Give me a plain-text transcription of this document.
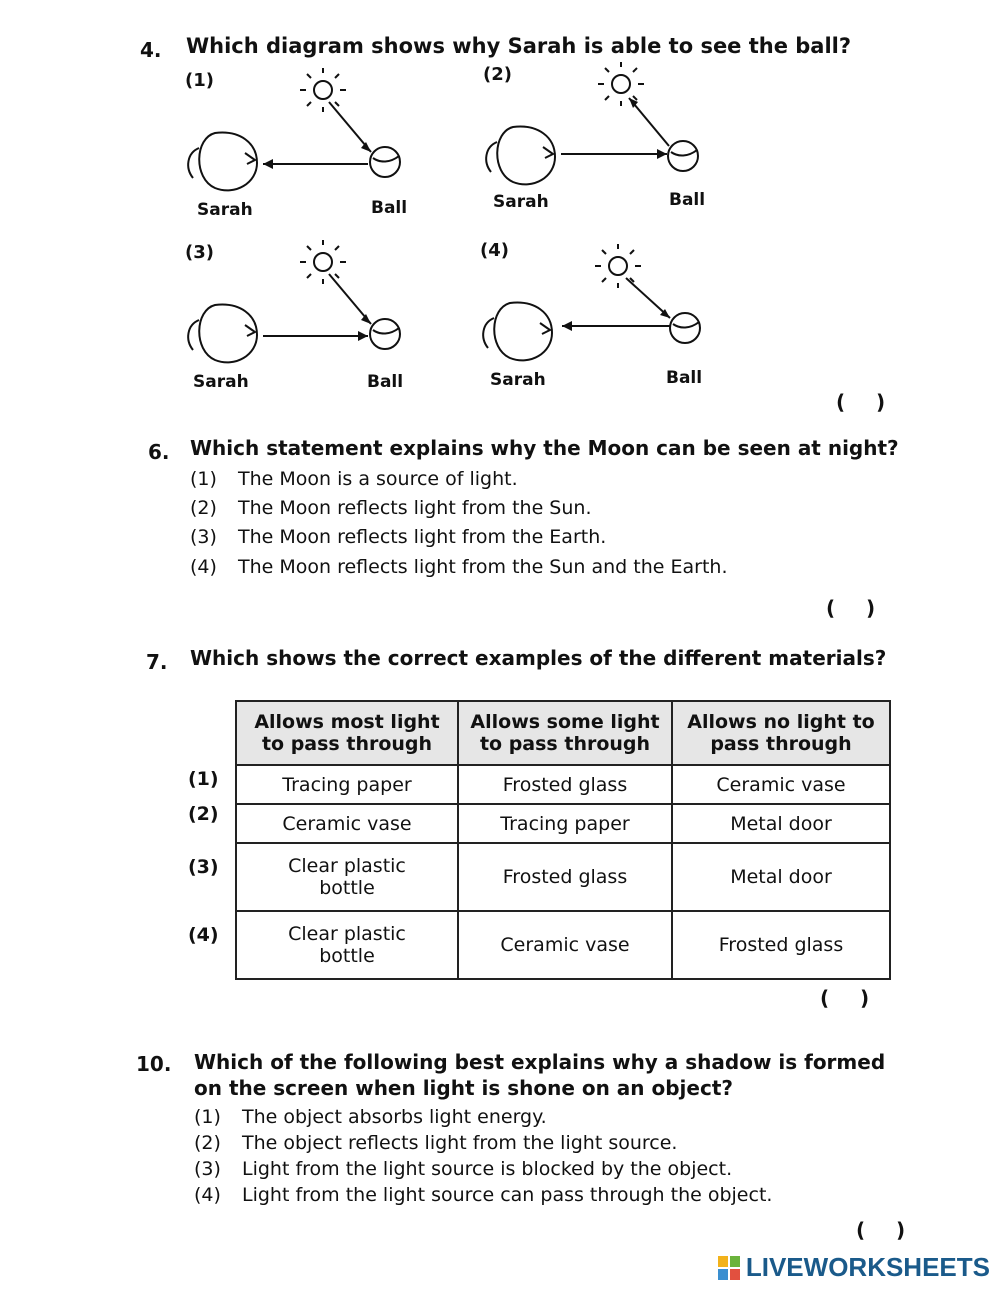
4. Which diagram shows why Sarah is able to see the ball?
(1)
Sarah	Ball
(2)
Sarah	Ball
(3)
Sarah	Ball
(4)
Sarah	Ball
( )
6. Which statement explains why the Moon can be seen at night?
(1) The Moon is a source of light.
(2) The Moon reflects light from the Sun.
(3) The Moon reflects light from the Earth.
(4) The Moon reflects light from the Sun and the Earth.
( )
7. Which shows the correct examples of the different materials?
Allows most light to pass through	Allows some light to pass through	Allows no light to pass through
Tracing paper	Frosted glass	Ceramic vase
Ceramic vase	Tracing paper	Metal door
Clear plastic bottle	Frosted glass	Metal door
Clear plastic bottle	Ceramic vase	Frosted glass
(1)
(2)
(3)
(4)
( )
10. Which of the following best explains why a shadow is formed
on the screen when light is shone on an object?
(1) The object absorbs light energy.
(2) The object reflects light from the light source.
(3) Light from the light source is blocked by the object.
(4) Light from the light source can pass through the object.
( )
LIVEWORKSHEETS
